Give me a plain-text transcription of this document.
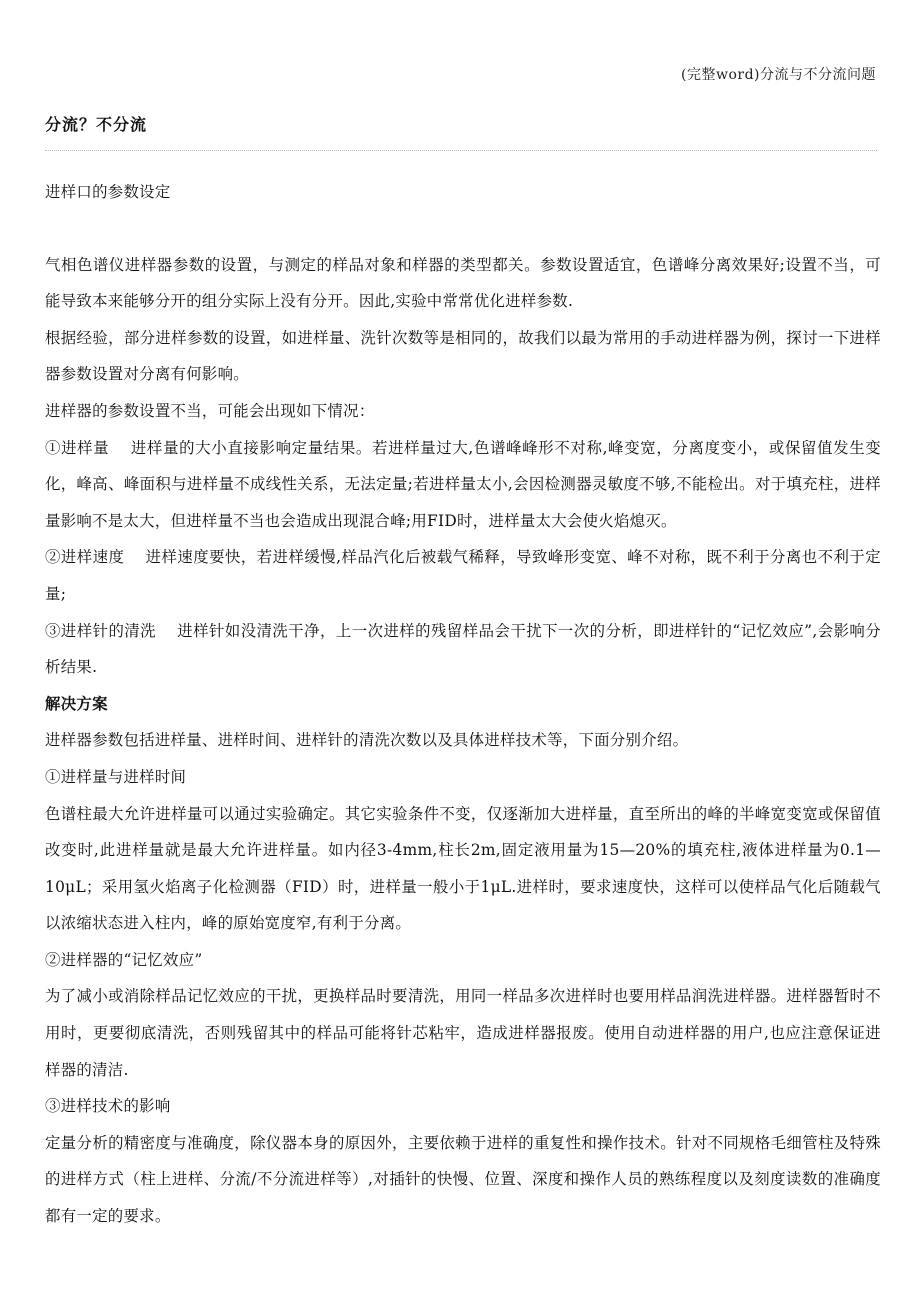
(完整word)分流与不分流问题
分流？不分流

进样口的参数设定

气相色谱仪进样器参数的设置，与测定的样品对象和样器的类型都关。参数设置适宜，色谱峰分离效果好;设置不当，可能导致本来能够分开的组分实际上没有分开。因此,实验中常常优化进样参数.

根据经验，部分进样参数的设置，如进样量、洗针次数等是相同的，故我们以最为常用的手动进样器为例，探讨一下进样器参数设置对分离有何影响。

进样器的参数设置不当，可能会出现如下情况：

①进样量　 进样量的大小直接影响定量结果。若进样量过大,色谱峰峰形不对称,峰变宽，分离度变小，或保留值发生变化，峰高、峰面积与进样量不成线性关系，无法定量;若进样量太小,会因检测器灵敏度不够,不能检出。对于填充柱，进样量影响不是太大，但进样量不当也会造成出现混合峰;用FID时，进样量太大会使火焰熄灭。

②进样速度　 进样速度要快，若进样缓慢,样品汽化后被载气稀释，导致峰形变宽、峰不对称，既不利于分离也不利于定量;

③进样针的清洗　 进样针如没清洗干净，上一次进样的残留样品会干扰下一次的分析，即进样针的“记忆效应”,会影响分析结果.

解决方案

进样器参数包括进样量、进样时间、进样针的清洗次数以及具体进样技术等，下面分别介绍。

①进样量与进样时间

色谱柱最大允许进样量可以通过实验确定。其它实验条件不变，仅逐渐加大进样量，直至所出的峰的半峰宽变宽或保留值改变时,此进样量就是最大允许进样量。如内径3-4mm,柱长2m,固定液用量为15—20%的填充柱,液体进样量为0.1—10μL；采用氢火焰离子化检测器（FID）时，进样量一般小于1μL.进样时，要求速度快，这样可以使样品气化后随载气以浓缩状态进入柱内，峰的原始宽度窄,有利于分离。

②进样器的“记忆效应”

为了减小或消除样品记忆效应的干扰，更换样品时要清洗，用同一样品多次进样时也要用样品润洗进样器。进样器暂时不用时，更要彻底清洗，否则残留其中的样品可能将针芯粘牢，造成进样器报废。使用自动进样器的用户,也应注意保证进样器的清洁.

③进样技术的影响

定量分析的精密度与准确度，除仪器本身的原因外，主要依赖于进样的重复性和操作技术。针对不同规格毛细管柱及特殊的进样方式（柱上进样、分流/不分流进样等）,对插针的快慢、位置、深度和操作人员的熟练程度以及刻度读数的准确度都有一定的要求。
